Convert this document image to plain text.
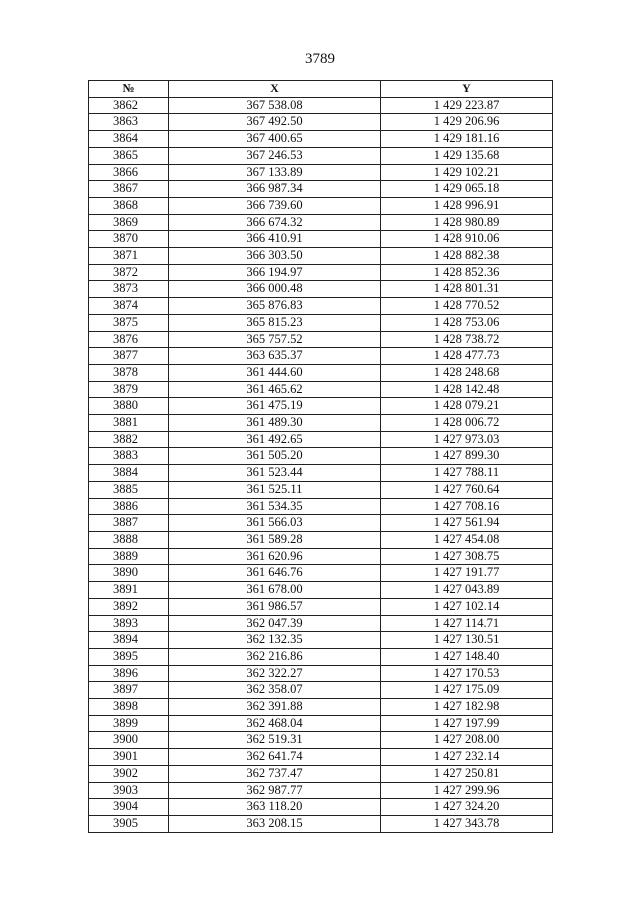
3789
№	X	Y
3862	367 538.08	1 429 223.87
3863	367 492.50	1 429 206.96
3864	367 400.65	1 429 181.16
3865	367 246.53	1 429 135.68
3866	367 133.89	1 429 102.21
3867	366 987.34	1 429 065.18
3868	366 739.60	1 428 996.91
3869	366 674.32	1 428 980.89
3870	366 410.91	1 428 910.06
3871	366 303.50	1 428 882.38
3872	366 194.97	1 428 852.36
3873	366 000.48	1 428 801.31
3874	365 876.83	1 428 770.52
3875	365 815.23	1 428 753.06
3876	365 757.52	1 428 738.72
3877	363 635.37	1 428 477.73
3878	361 444.60	1 428 248.68
3879	361 465.62	1 428 142.48
3880	361 475.19	1 428 079.21
3881	361 489.30	1 428 006.72
3882	361 492.65	1 427 973.03
3883	361 505.20	1 427 899.30
3884	361 523.44	1 427 788.11
3885	361 525.11	1 427 760.64
3886	361 534.35	1 427 708.16
3887	361 566.03	1 427 561.94
3888	361 589.28	1 427 454.08
3889	361 620.96	1 427 308.75
3890	361 646.76	1 427 191.77
3891	361 678.00	1 427 043.89
3892	361 986.57	1 427 102.14
3893	362 047.39	1 427 114.71
3894	362 132.35	1 427 130.51
3895	362 216.86	1 427 148.40
3896	362 322.27	1 427 170.53
3897	362 358.07	1 427 175.09
3898	362 391.88	1 427 182.98
3899	362 468.04	1 427 197.99
3900	362 519.31	1 427 208.00
3901	362 641.74	1 427 232.14
3902	362 737.47	1 427 250.81
3903	362 987.77	1 427 299.96
3904	363 118.20	1 427 324.20
3905	363 208.15	1 427 343.78
